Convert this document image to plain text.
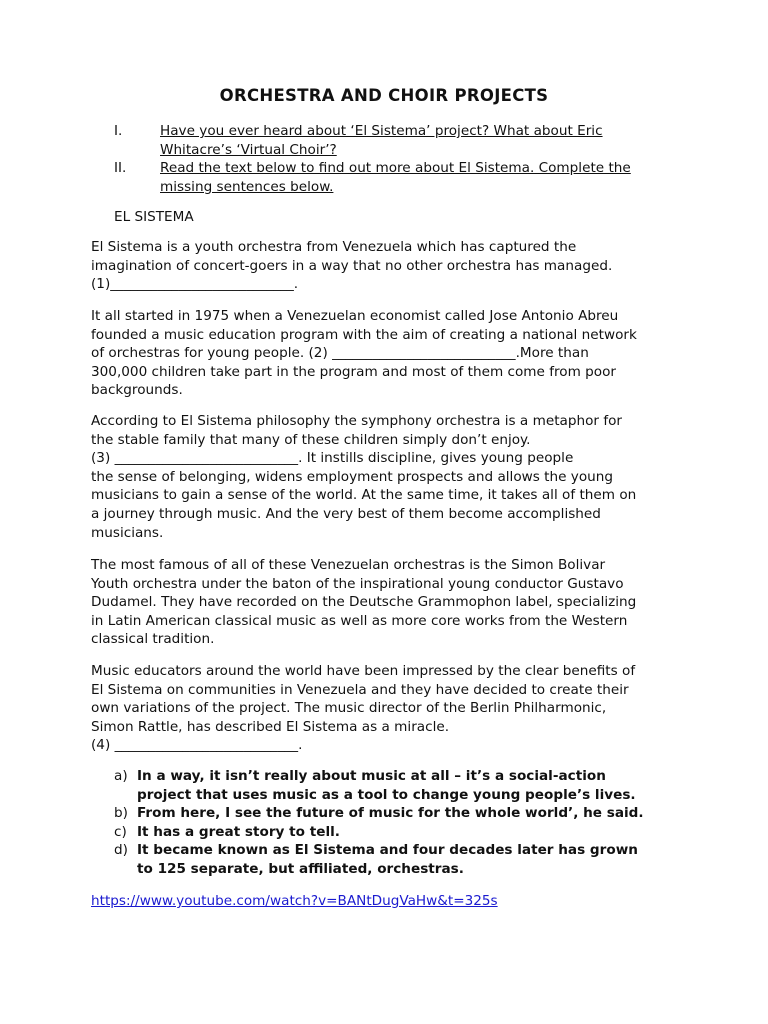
ORCHESTRA AND CHOIR PROJECTS
I.	Have you ever heard about ‘El Sistema’ project? What about Eric
Whitacre’s ‘Virtual Choir’?
II. Read the text below to find out more about El Sistema. Complete the
missing sentences below.
EL SISTEMA
El Sistema is a youth orchestra from Venezuela which has captured the
imagination of concert-goers in a way that no other orchestra has managed.
(1)___________________________.
It all started in 1975 when a Venezuelan economist called Jose Antonio Abreu
founded a music education program with the aim of creating a national network
of orchestras for young people. (2) ___________________________.More than
300,000 children take part in the program and most of them come from poor
backgrounds.
According to El Sistema philosophy the symphony orchestra is a metaphor for
the stable family that many of these children simply don’t enjoy.
(3) ___________________________. It instills discipline, gives young people
the sense of belonging, widens employment prospects and allows the young
musicians to gain a sense of the world. At the same time, it takes all of them on
a journey through music. And the very best of them become accomplished
musicians.
The most famous of all of these Venezuelan orchestras is the Simon Bolivar
Youth orchestra under the baton of the inspirational young conductor Gustavo
Dudamel. They have recorded on the Deutsche Grammophon label, specializing
in Latin American classical music as well as more core works from the Western
classical tradition.
Music educators around the world have been impressed by the clear benefits of
El Sistema on communities in Venezuela and they have decided to create their
own variations of the project. The music director of the Berlin Philharmonic,
Simon Rattle, has described El Sistema as a miracle.
(4) ___________________________.
a) In a way, it isn’t really about music at all – it’s a social-action
project that uses music as a tool to change young people’s lives.
b) From here, I see the future of music for the whole world’, he said.
c) It has a great story to tell.
d) It became known as El Sistema and four decades later has grown
to 125 separate, but affiliated, orchestras.
https://www.youtube.com/watch?v=BANtDugVaHw&t=325s
